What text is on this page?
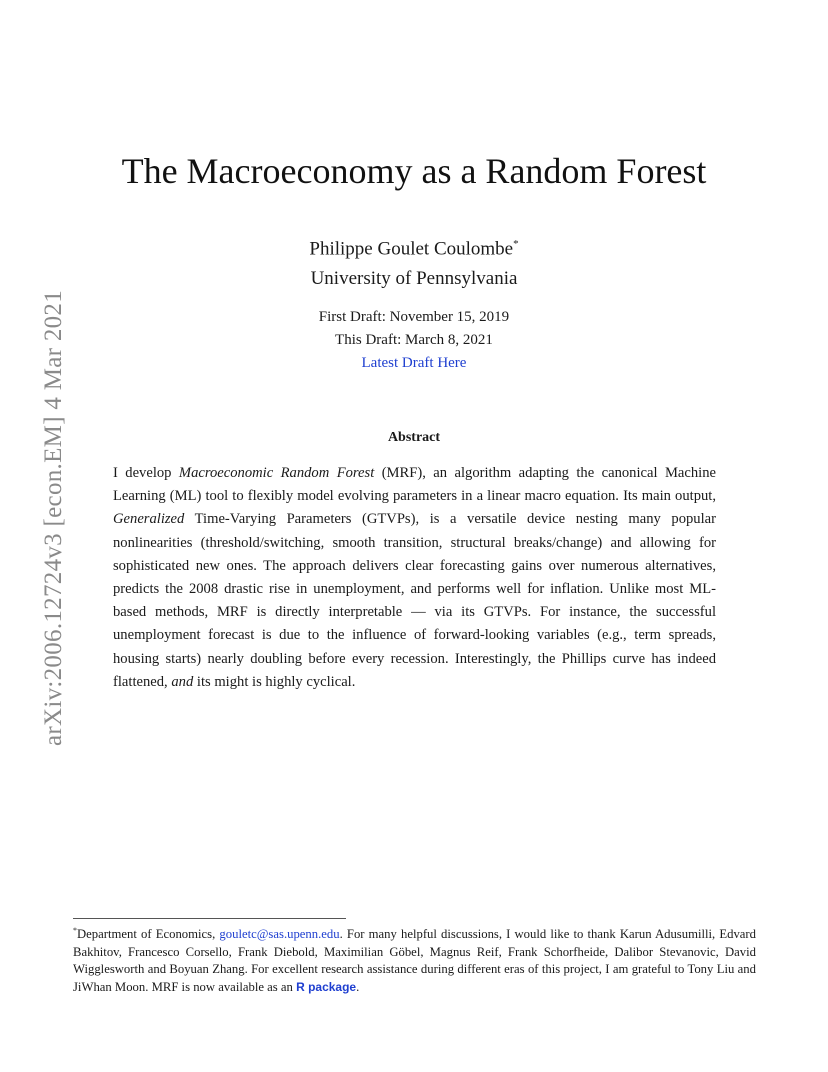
arXiv:2006.12724v3 [econ.EM] 4 Mar 2021
The Macroeconomy as a Random Forest
Philippe Goulet Coulombe*
University of Pennsylvania
First Draft: November 15, 2019
This Draft: March 8, 2021
Latest Draft Here
Abstract

I develop Macroeconomic Random Forest (MRF), an algorithm adapting the canonical Machine Learning (ML) tool to flexibly model evolving parameters in a linear macro equation. Its main output, Generalized Time-Varying Parameters (GTVPs), is a versatile device nesting many popular nonlinearities (threshold/switching, smooth transition, structural breaks/change) and allowing for sophisticated new ones. The approach delivers clear forecasting gains over numerous alternatives, predicts the 2008 drastic rise in unemployment, and performs well for inflation. Unlike most ML-based methods, MRF is directly interpretable — via its GTVPs. For instance, the successful unemployment forecast is due to the influence of forward-looking variables (e.g., term spreads, housing starts) nearly doubling before every recession. Interestingly, the Phillips curve has indeed flattened, and its might is highly cyclical.

*Department of Economics, gouletc@sas.upenn.edu. For many helpful discussions, I would like to thank Karun Adusumilli, Edvard Bakhitov, Francesco Corsello, Frank Diebold, Maximilian Göbel, Magnus Reif, Frank Schorfheide, Dalibor Stevanovic, David Wigglesworth and Boyuan Zhang. For excellent research assistance during different eras of this project, I am grateful to Tony Liu and JiWhan Moon. MRF is now available as an R package.
